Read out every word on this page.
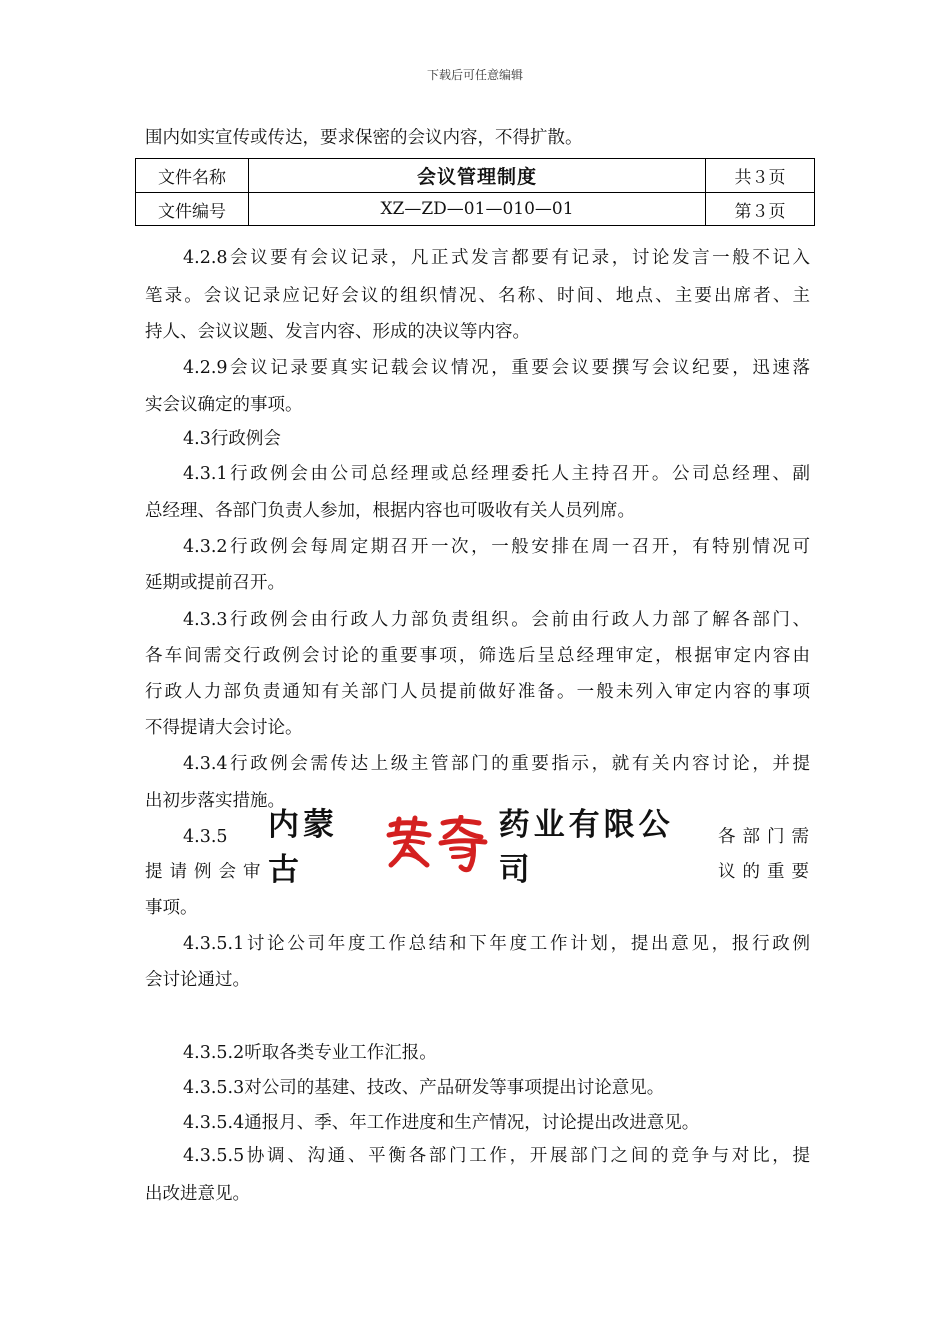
下载后可任意编辑
围内如实宣传或传达，要求保密的会议内容，不得扩散。
文件名称	会议管理制度	共３页
文件编号	XZ—ZD—01—010—01	第３页
4.2.8会议要有会议记录，凡正式发言都要有记录，讨论发言一般不记入
笔录。会议记录应记好会议的组织情况、名称、时间、地点、主要出席者、主
持人、会议议题、发言内容、形成的决议等内容。
4.2.9会议记录要真实记载会议情况，重要会议要撰写会议纪要，迅速落
实会议确定的事项。
4.3行政例会
4.3.1行政例会由公司总经理或总经理委托人主持召开。公司总经理、副
总经理、各部门负责人参加，根据内容也可吸收有关人员列席。
4.3.2行政例会每周定期召开一次，一般安排在周一召开，有特别情况可
延期或提前召开。
4.3.3行政例会由行政人力部负责组织。会前由行政人力部了解各部门、
各车间需交行政例会讨论的重要事项，筛选后呈总经理审定，根据审定内容由
行政人力部负责通知有关部门人员提前做好准备。一般未列入审定内容的事项
不得提请大会讨论。
4.3.4行政例会需传达上级主管部门的重要指示，就有关内容讨论，并提
出初步落实措施。
4.3.5
提请例会审
各部门需
议的重要
事项。
内蒙古
药业有限公司
4.3.5.1讨论公司年度工作总结和下年度工作计划，提出意见，报行政例
会讨论通过。
4.3.5.2听取各类专业工作汇报。
4.3.5.3对公司的基建、技改、产品研发等事项提出讨论意见。
4.3.5.4通报月、季、年工作进度和生产情况，讨论提出改进意见。
4.3.5.5协调、沟通、平衡各部门工作，开展部门之间的竞争与对比，提
出改进意见。
